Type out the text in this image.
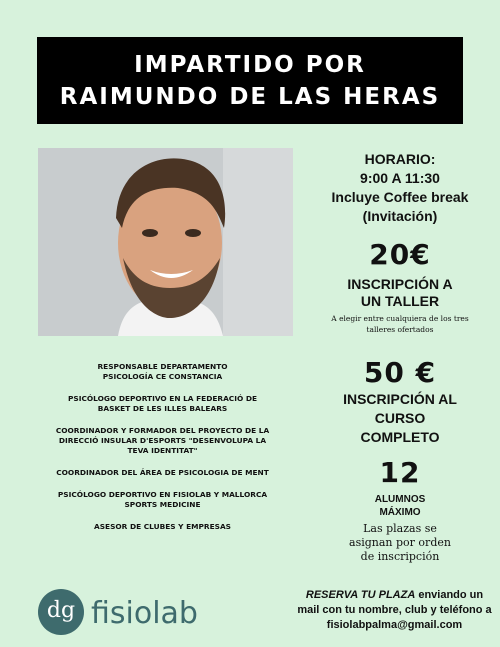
IMPARTIDO POR
RAIMUNDO DE LAS HERAS
HORARIO:
9:00 A 11:30
Incluye Coffee break
(Invitación)
20€
INSCRIPCIÓN A
UN TALLER
A elegir entre cualquiera de los tres
talleres ofertados
50 €
INSCRIPCIÓN AL
CURSO
COMPLETO
12
ALUMNOS
MÁXIMO
Las plazas se
asignan por orden
de inscripción
RESPONSABLE DEPARTAMENTO
PSICOLOGÍA CE CONSTANCIA
PSICÓLOGO DEPORTIVO EN LA FEDERACIÓ DE
BASKET DE LES ILLES BALEARS
COORDINADOR Y FORMADOR DEL PROYECTO DE LA
DIRECCIÓ INSULAR D'ESPORTS "DESENVOLUPA LA
TEVA IDENTITAT"
COORDINADOR DEL ÁREA DE PSICOLOGIA DE MENT
PSICÓLOGO DEPORTIVO EN FISIOLAB Y MALLORCA
SPORTS MEDICINE
ASESOR DE CLUBES Y EMPRESAS
dg fisiolab
RESERVA TU PLAZA enviando un
mail con tu nombre, club y teléfono a
fisiolabpalma@gmail.com
